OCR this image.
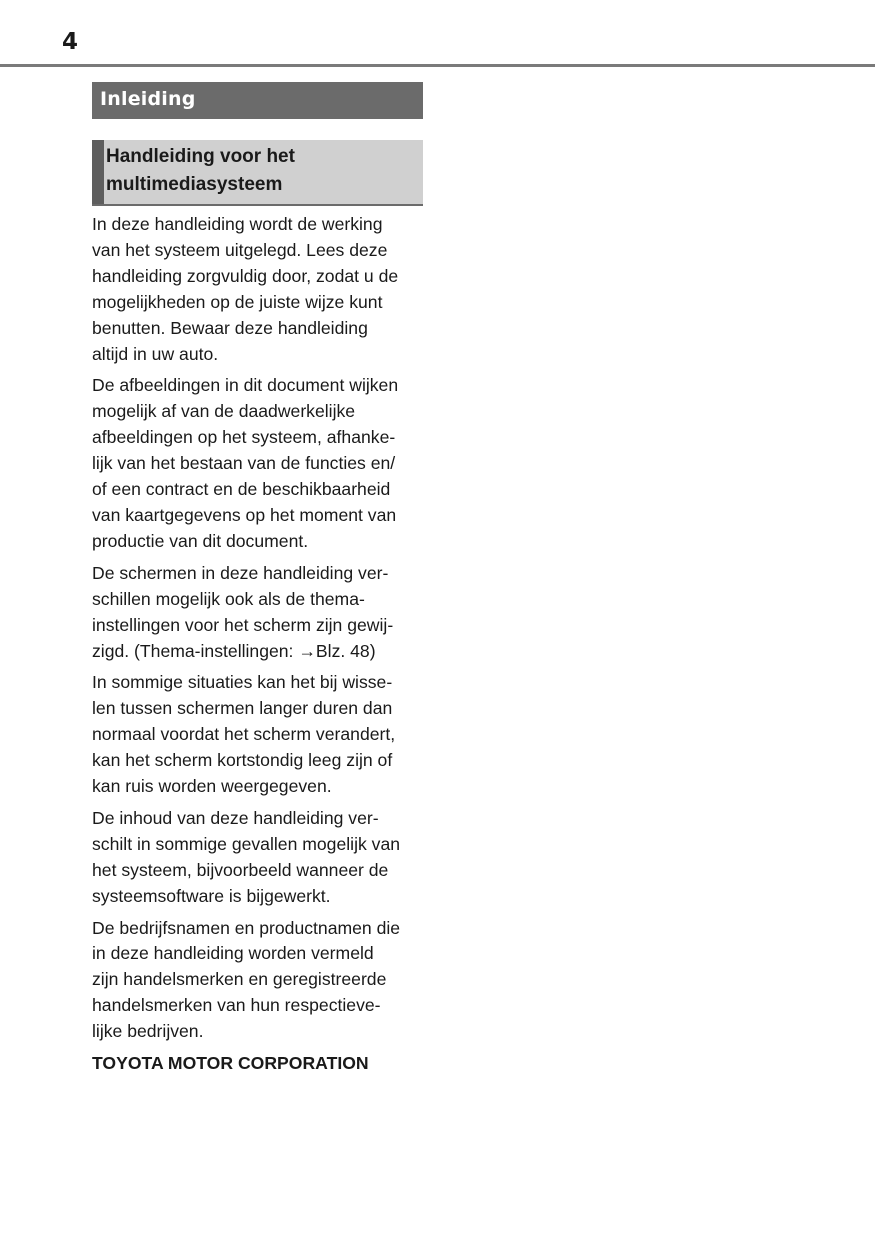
4
Inleiding
Handleiding voor het
multimediasysteem

In deze handleiding wordt de werking
van het systeem uitgelegd. Lees deze
handleiding zorgvuldig door, zodat u de
mogelijkheden op de juiste wijze kunt
benutten. Bewaar deze handleiding
altijd in uw auto.

De afbeeldingen in dit document wijken
mogelijk af van de daadwerkelijke
afbeeldingen op het systeem, afhanke-
lijk van het bestaan van de functies en/
of een contract en de beschikbaarheid
van kaartgegevens op het moment van
productie van dit document.

De schermen in deze handleiding ver-
schillen mogelijk ook als de thema-
instellingen voor het scherm zijn gewij-
zigd. (Thema-instellingen: →Blz. 48)

In sommige situaties kan het bij wisse-
len tussen schermen langer duren dan
normaal voordat het scherm verandert,
kan het scherm kortstondig leeg zijn of
kan ruis worden weergegeven.

De inhoud van deze handleiding ver-
schilt in sommige gevallen mogelijk van
het systeem, bijvoorbeeld wanneer de
systeemsoftware is bijgewerkt.

De bedrijfsnamen en productnamen die
in deze handleiding worden vermeld
zijn handelsmerken en geregistreerde
handelsmerken van hun respectieve-
lijke bedrijven.

TOYOTA MOTOR CORPORATION
